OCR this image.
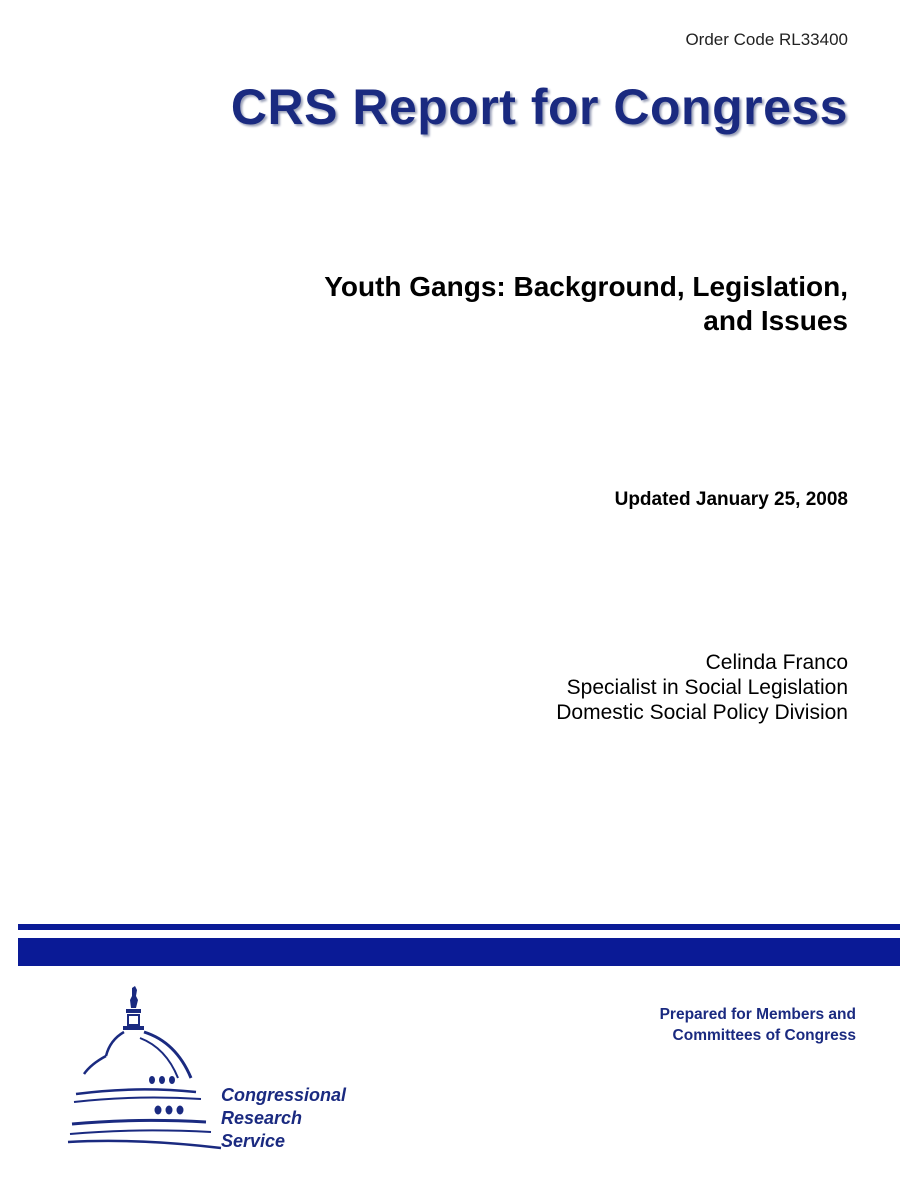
Order Code RL33400
CRS Report for Congress
Youth Gangs: Background, Legislation,
and Issues
Updated January 25, 2008
Celinda Franco
Specialist in Social Legislation
Domestic Social Policy Division
Prepared for Members and
Committees of Congress
Congressional
Research
Service
